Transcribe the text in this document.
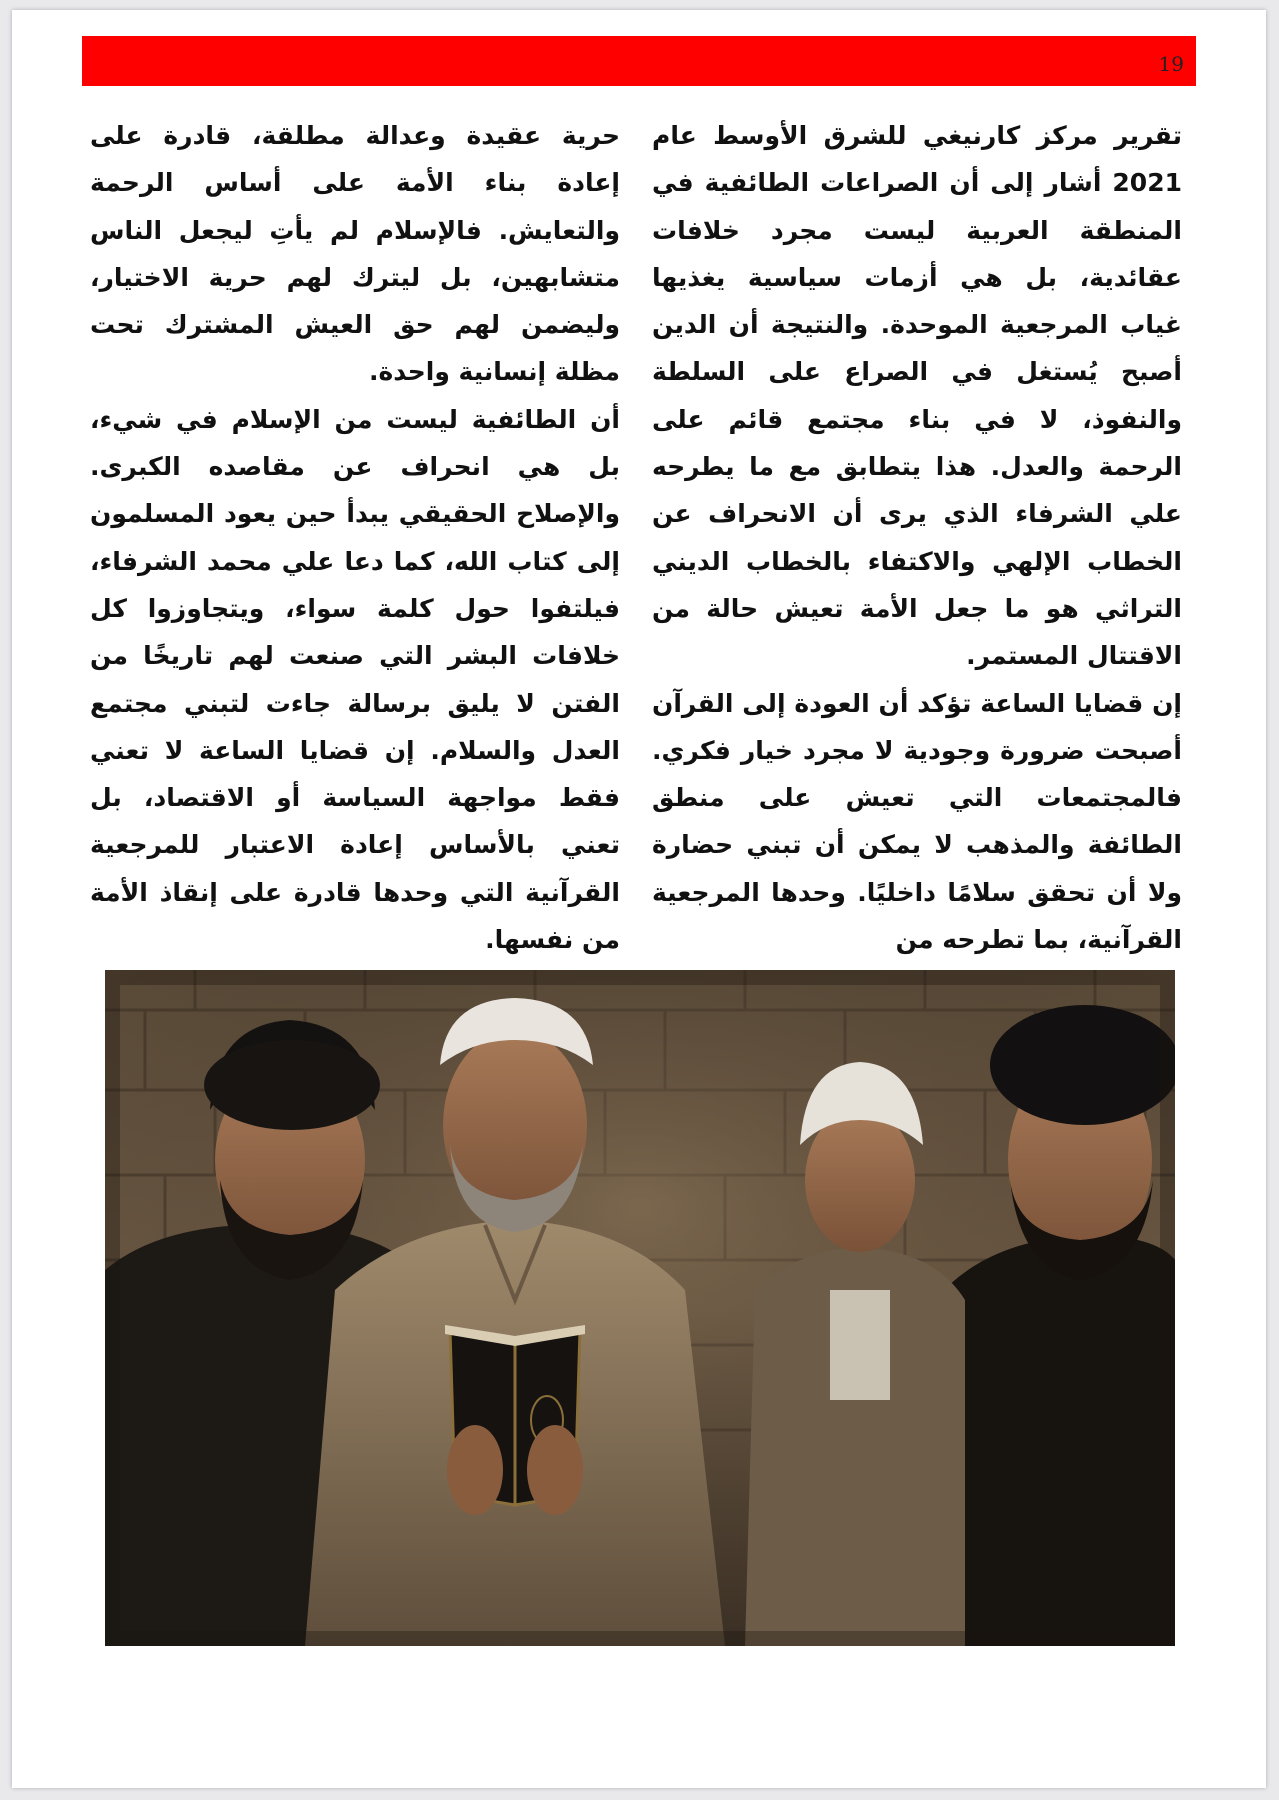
19

تقرير مركز كارنيغي للشرق الأوسط عام 2021 أشار إلى أن الصراعات الطائفية في المنطقة العربية ليست مجرد خلافات عقائدية، بل هي أزمات سياسية يغذيها غياب المرجعية الموحدة. والنتيجة أن الدين أصبح يُستغل في الصراع على السلطة والنفوذ، لا في بناء مجتمع قائم على الرحمة والعدل. هذا يتطابق مع ما يطرحه علي الشرفاء الذي يرى أن الانحراف عن الخطاب الإلهي والاكتفاء بالخطاب الديني التراثي هو ما جعل الأمة تعيش حالة من الاقتتال المستمر.

إن قضايا الساعة تؤكد أن العودة إلى القرآن أصبحت ضرورة وجودية لا مجرد خيار فكري. فالمجتمعات التي تعيش على منطق الطائفة والمذهب لا يمكن أن تبني حضارة ولا أن تحقق سلامًا داخليًا. وحدها المرجعية القرآنية، بما تطرحه من

حرية عقيدة وعدالة مطلقة، قادرة على إعادة بناء الأمة على أساس الرحمة والتعايش. فالإسلام لم يأتِ ليجعل الناس متشابهين، بل ليترك لهم حرية الاختيار، وليضمن لهم حق العيش المشترك تحت مظلة إنسانية واحدة.

أن الطائفية ليست من الإسلام في شيء، بل هي انحراف عن مقاصده الكبرى. والإصلاح الحقيقي يبدأ حين يعود المسلمون إلى كتاب الله، كما دعا علي محمد الشرفاء، فيلتفوا حول كلمة سواء، ويتجاوزوا كل خلافات البشر التي صنعت لهم تاريخًا من الفتن لا يليق برسالة جاءت لتبني مجتمع العدل والسلام. إن قضايا الساعة لا تعني فقط مواجهة السياسة أو الاقتصاد، بل تعني بالأساس إعادة الاعتبار للمرجعية القرآنية التي وحدها قادرة على إنقاذ الأمة من نفسها.
